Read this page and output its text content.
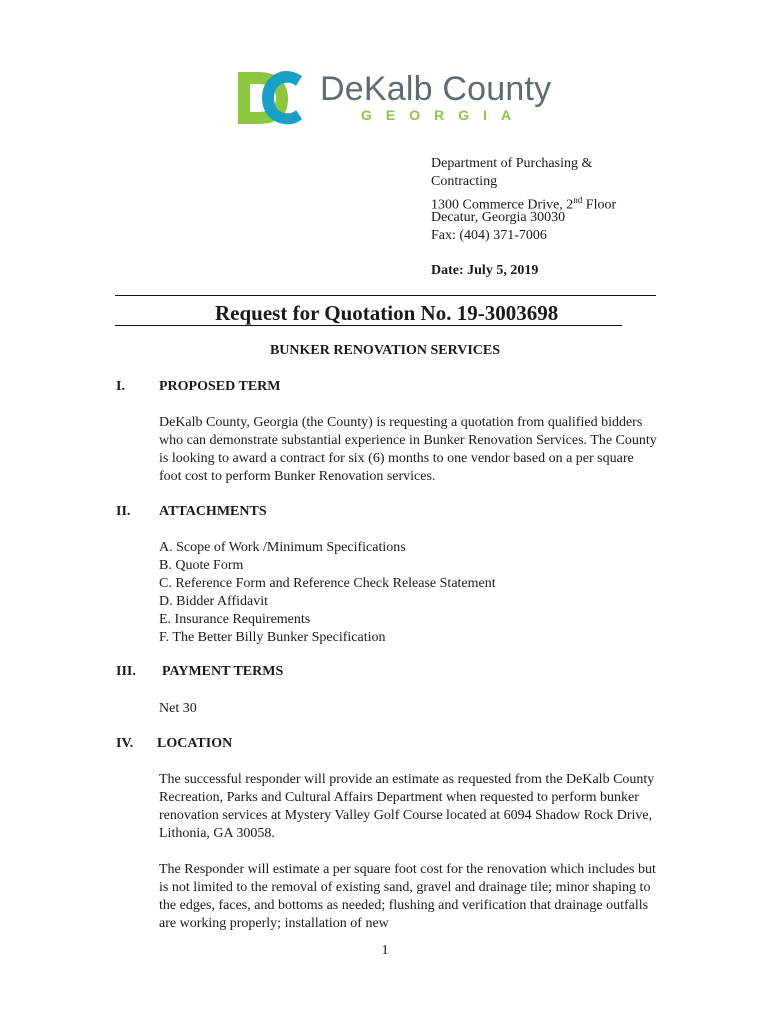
DeKalb County
GEORGIA
Department of Purchasing &
Contracting
1300 Commerce Drive, 2nd Floor
Decatur, Georgia 30030
Fax: (404) 371-7006
Date: July 5, 2019
Request for Quotation No. 19-3003698
BUNKER RENOVATION SERVICES
I. PROPOSED TERM
DeKalb County, Georgia (the County) is requesting a quotation from qualified bidders who can demonstrate substantial experience in Bunker Renovation Services. The County is looking to award a contract for six (6) months to one vendor based on a per square foot cost to perform Bunker Renovation services.
II. ATTACHMENTS
A. Scope of Work /Minimum Specifications
B. Quote Form
C. Reference Form and Reference Check Release Statement
D. Bidder Affidavit
E. Insurance Requirements
F. The Better Billy Bunker Specification
III. PAYMENT TERMS
Net 30
IV. LOCATION
The successful responder will provide an estimate as requested from the DeKalb County Recreation, Parks and Cultural Affairs Department when requested to perform bunker renovation services at Mystery Valley Golf Course located at 6094 Shadow Rock Drive, Lithonia, GA 30058.
The Responder will estimate a per square foot cost for the renovation which includes but is not limited to the removal of existing sand, gravel and drainage tile; minor shaping to the edges, faces, and bottoms as needed; flushing and verification that drainage outfalls are working properly; installation of new
1
